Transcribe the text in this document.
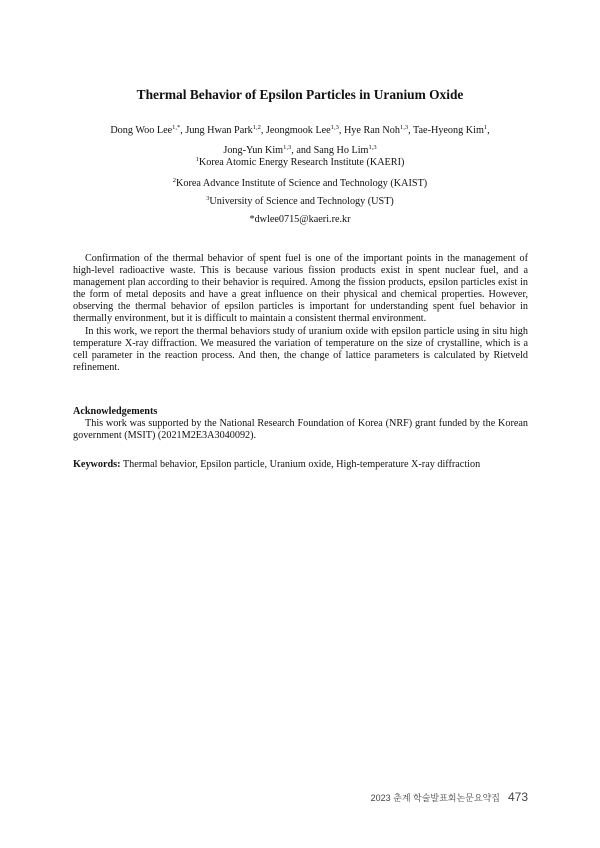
Thermal Behavior of Epsilon Particles in Uranium Oxide
Dong Woo Lee$^{1,*}$, Jung Hwan Park$^{1,2}$, Jeongmook Lee$^{1,3}$, Hye Ran Noh$^{1,3}$, Tae-Hyeong Kim$^1$,
Jong-Yun Kim$^{1,3}$, and Sang Ho Lim$^{1,3}$
$^1$Korea Atomic Energy Research Institute (KAERI)
$^2$Korea Advance Institute of Science and Technology (KAIST)
$^3$University of Science and Technology (UST)
*dwlee0715@kaeri.re.kr

Confirmation of the thermal behavior of spent fuel is one of the important points in the management of high-level radioactive waste. This is because various fission products exist in spent nuclear fuel, and a management plan according to their behavior is required. Among the fission products, epsilon particles exist in the form of metal deposits and have a great influence on their physical and chemical properties. However, observing the thermal behavior of epsilon particles is important for understanding spent fuel behavior in thermally environment, but it is difficult to maintain a consistent thermal environment.

In this work, we report the thermal behaviors study of uranium oxide with epsilon particle using in situ high temperature X-ray diffraction. We measured the variation of temperature on the size of crystalline, which is a cell parameter in the reaction process. And then, the change of lattice parameters is calculated by Rietveld refinement.

Acknowledgements

This work was supported by the National Research Foundation of Korea (NRF) grant funded by the Korean government (MSIT) (2021M2E3A3040092).

Keywords: Thermal behavior, Epsilon particle, Uranium oxide, High-temperature X-ray diffraction
2023 춘계 학술발표회논문요약집 473
